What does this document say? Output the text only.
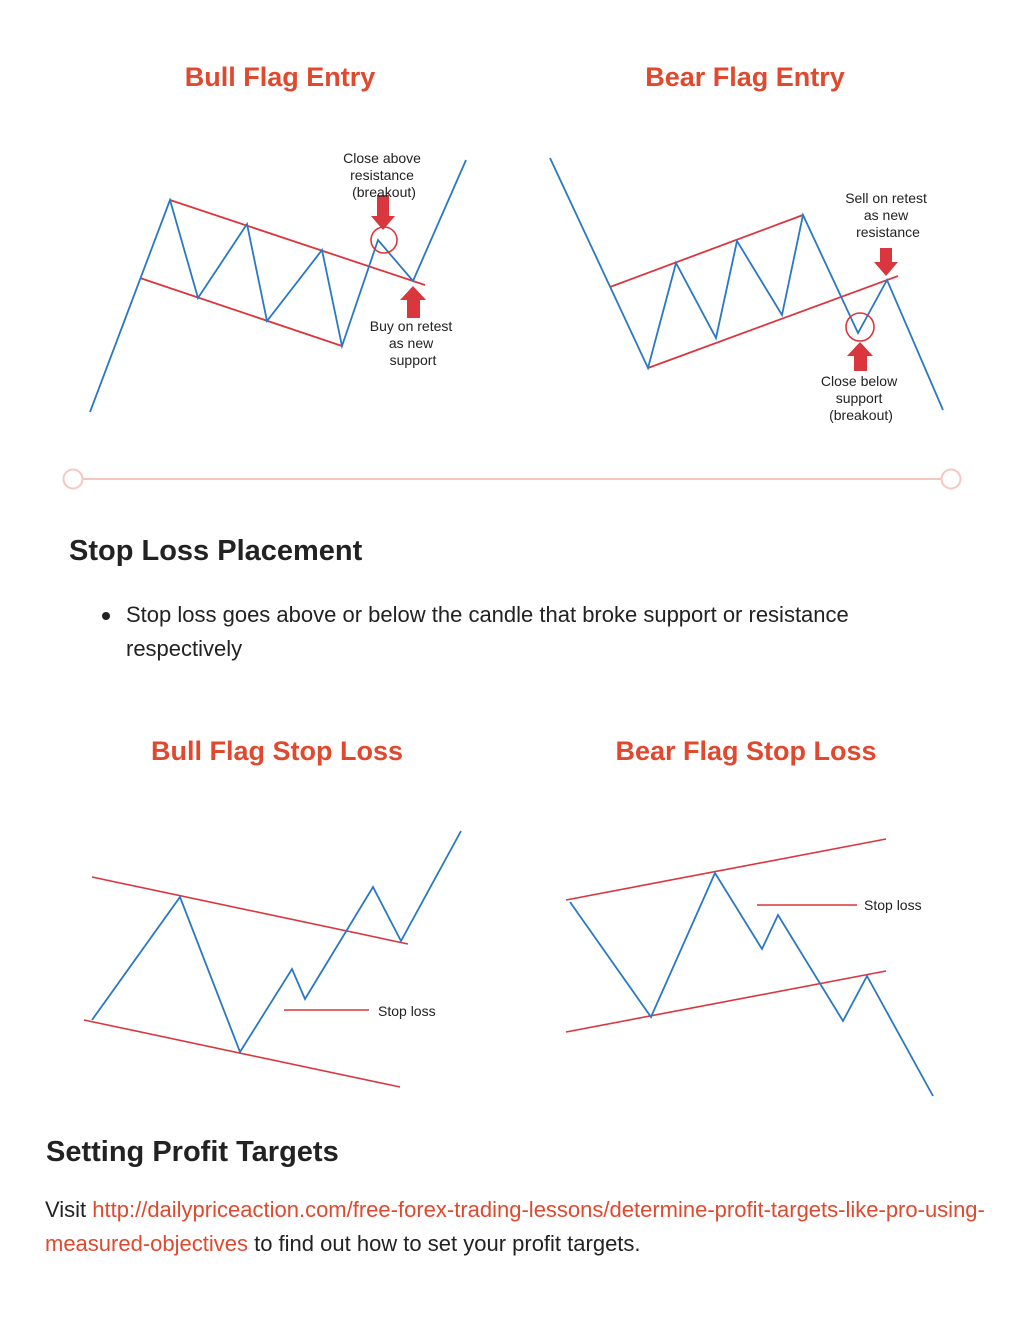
Bull Flag Entry	Bear Flag Entry
Close above resistance (breakout)
Buy on retest as new support
Sell on retest as new resistance
Close below support (breakout)
Stop Loss Placement
Stop loss goes above or below the candle that broke support or resistance respectively
Bull Flag Stop Loss	Bear Flag Stop Loss
Stop loss
Stop loss
Setting Profit Targets

Visit http://dailypriceaction.com/free-forex-trading-lessons/determine-profit-targets-like-pro-using-measured-objectives to find out how to set your profit targets.
